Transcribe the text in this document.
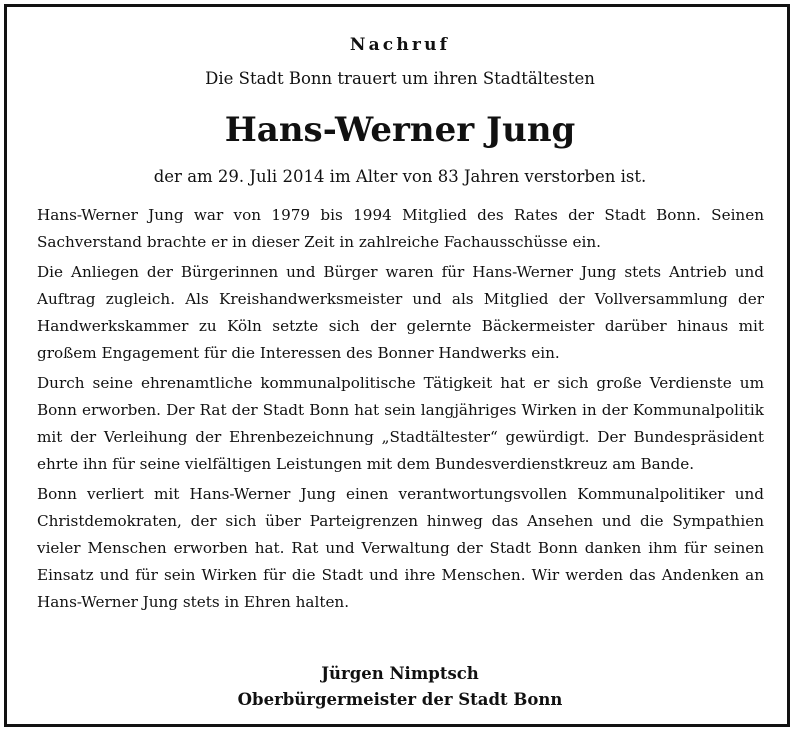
Nachruf
Die Stadt Bonn trauert um ihren Stadtältesten
Hans-Werner Jung
der am 29. Juli 2014 im Alter von 83 Jahren verstorben ist.

Hans-Werner Jung war von 1979 bis 1994 Mitglied des Rates der Stadt Bonn. Seinen Sachverstand brachte er in dieser Zeit in zahlreiche Fachausschüsse ein.

Die Anliegen der Bürgerinnen und Bürger waren für Hans-Werner Jung stets Antrieb und Auftrag zugleich. Als Kreishandwerksmeister und als Mitglied der Vollversammlung der Handwerkskammer zu Köln setzte sich der gelernte Bäckermeister darüber hinaus mit großem Engagement für die Interessen des Bonner Handwerks ein.

Durch seine ehrenamtliche kommunalpolitische Tätigkeit hat er sich große Verdienste um Bonn erworben. Der Rat der Stadt Bonn hat sein langjähriges Wirken in der Kommunalpolitik mit der Verleihung der Ehrenbezeichnung „Stadtältester“ gewürdigt. Der Bundespräsident ehrte ihn für seine vielfältigen Leistungen mit dem Bundesverdienstkreuz am Bande.

Bonn verliert mit Hans-Werner Jung einen verantwortungsvollen Kommunalpolitiker und Christdemokraten, der sich über Parteigrenzen hinweg das Ansehen und die Sympathien vieler Menschen erworben hat. Rat und Verwaltung der Stadt Bonn danken ihm für seinen Einsatz und für sein Wirken für die Stadt und ihre Menschen. Wir werden das Andenken an Hans-Werner Jung stets in Ehren halten.

Jürgen Nimptsch
Oberbürgermeister der Stadt Bonn
